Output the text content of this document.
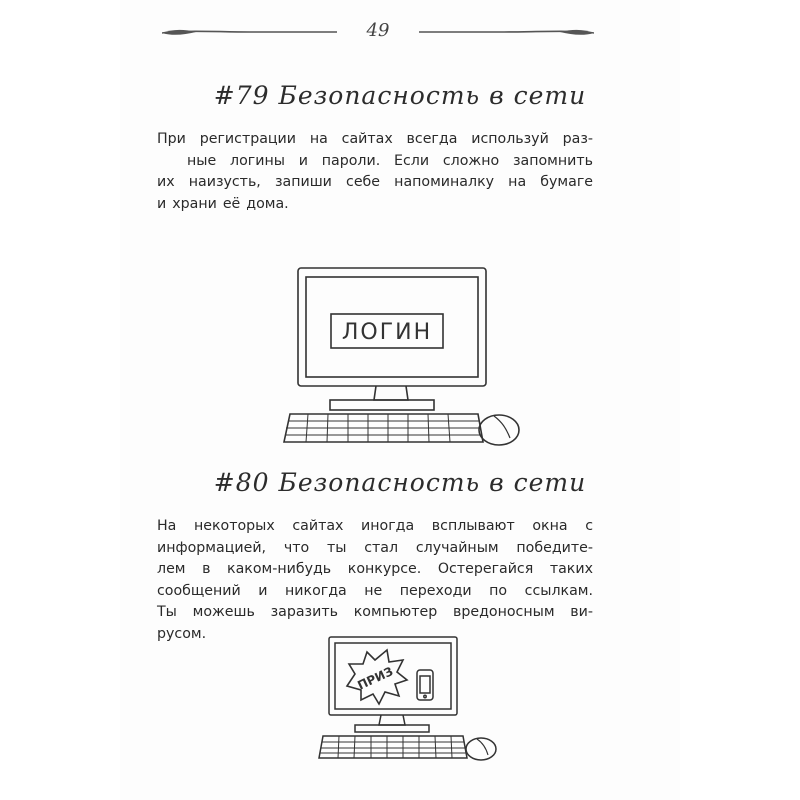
49
#79 Безопасность в сети
При регистрации на сайтах всегда используй раз-
ные логины и пароли. Если сложно запомнить
их наизусть, запиши себе напоминалку на бумаге
и храни её дома.
ЛОГИН
#80 Безопасность в сети
На некоторых сайтах иногда всплывают окна с
информацией, что ты стал случайным победите-
лем в каком-нибудь конкурсе. Остерегайся таких
сообщений и никогда не переходи по ссылкам.
Ты можешь заразить компьютер вредоносным ви-
русом.
ПРИЗ
